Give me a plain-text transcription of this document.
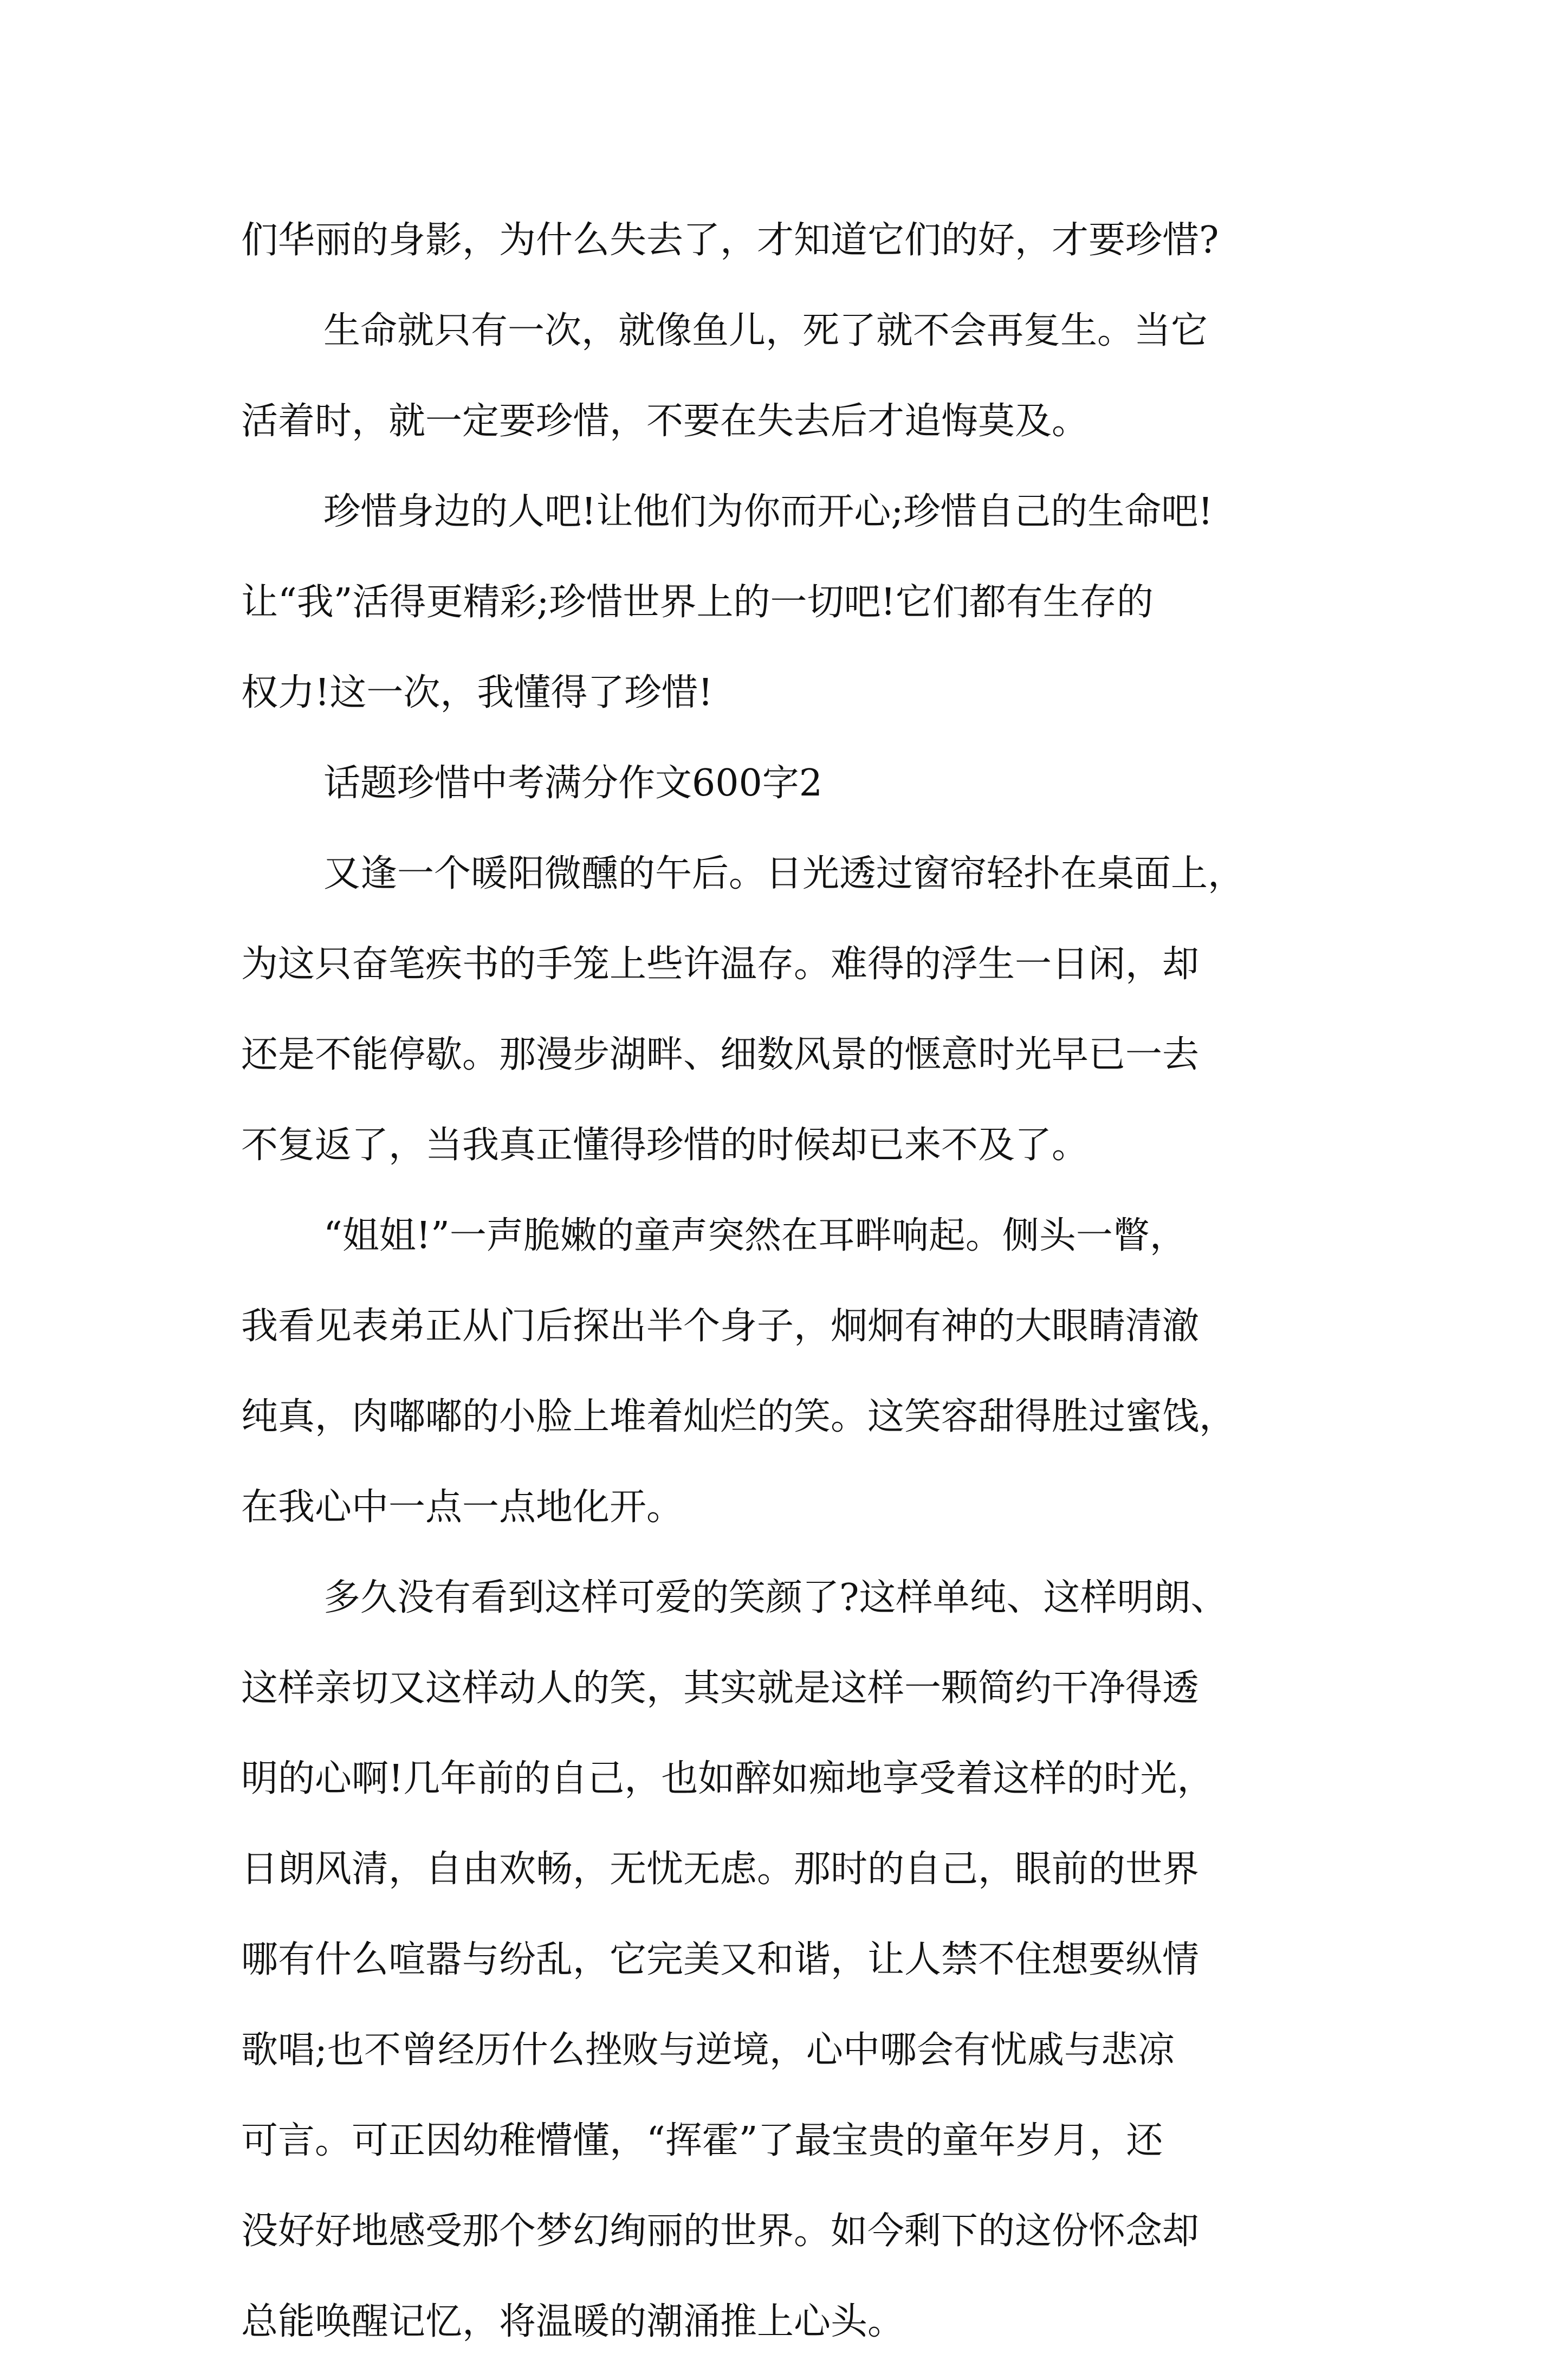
们华丽的身影，为什么失去了，才知道它们的好，才要珍惜?
生命就只有一次，就像鱼儿，死了就不会再复生。当它
活着时，就一定要珍惜，不要在失去后才追悔莫及。
珍惜身边的人吧!让他们为你而开心;珍惜自己的生命吧!
让“我”活得更精彩;珍惜世界上的一切吧!它们都有生存的
权力!这一次，我懂得了珍惜!
话题珍惜中考满分作文600字2
又逢一个暖阳微醺的午后。日光透过窗帘轻扑在桌面上，
为这只奋笔疾书的手笼上些许温存。难得的浮生一日闲，却
还是不能停歇。那漫步湖畔、细数风景的惬意时光早已一去
不复返了，当我真正懂得珍惜的时候却已来不及了。
“姐姐!”一声脆嫩的童声突然在耳畔响起。侧头一瞥，
我看见表弟正从门后探出半个身子，炯炯有神的大眼睛清澈
纯真，肉嘟嘟的小脸上堆着灿烂的笑。这笑容甜得胜过蜜饯，
在我心中一点一点地化开。
多久没有看到这样可爱的笑颜了?这样单纯、这样明朗、
这样亲切又这样动人的笑，其实就是这样一颗简约干净得透
明的心啊!几年前的自己，也如醉如痴地享受着这样的时光，
日朗风清，自由欢畅，无忧无虑。那时的自己，眼前的世界
哪有什么喧嚣与纷乱，它完美又和谐，让人禁不住想要纵情
歌唱;也不曾经历什么挫败与逆境，心中哪会有忧戚与悲凉
可言。可正因幼稚懵懂，“挥霍”了最宝贵的童年岁月，还
没好好地感受那个梦幻绚丽的世界。如今剩下的这份怀念却
总能唤醒记忆，将温暖的潮涌推上心头。
